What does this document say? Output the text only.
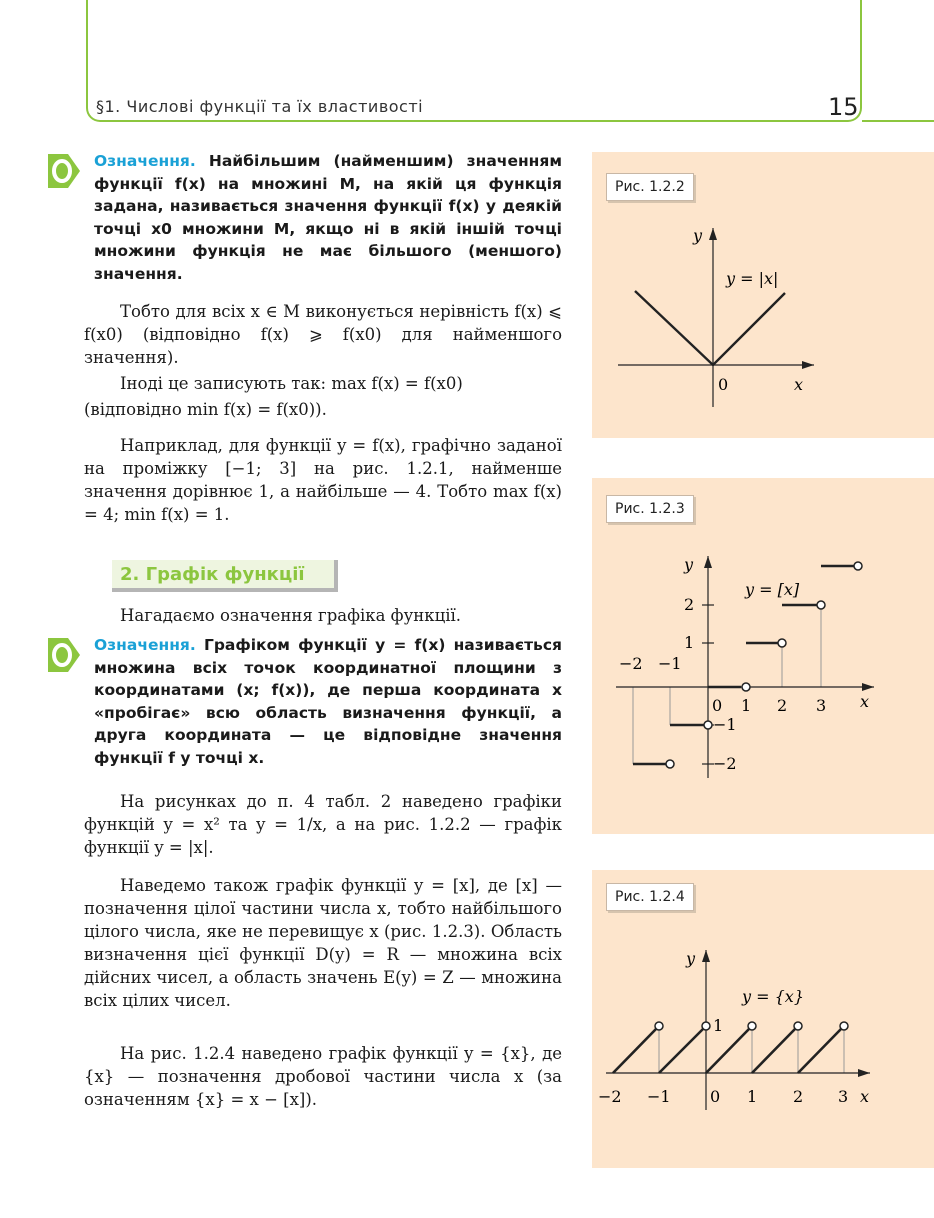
§1. Числові функції та їх властивості	15
Означення. Найбільшим (найменшим) значенням функції f(x) на множині M, на якій ця функція задана, називається значення функції f(x) у деякій точці x0 множини M, якщо ні в якій іншій точці множини функція не має більшого (меншого) значення.
Тобто для всіх x ∈ M виконується нерівність f(x) ⩽ f(x0) (відповідно f(x) ⩾ f(x0) для найменшого значення).
Іноді це записують так: max f(x) = f(x0)
(відповідно min f(x) = f(x0)).
Наприклад, для функції y = f(x), графічно заданої на проміжку [−1; 3] на рис. 1.2.1, найменше значення дорівнює 1, а найбільше — 4. Тобто max f(x) = 4; min f(x) = 1.
2. Графік функції
Нагадаємо означення графіка функції.
Означення. Графіком функції y = f(x) називається множина всіх точок координатної площини з координатами (x; f(x)), де перша координата x «пробігає» всю область визначення функції, а друга координата — це відповідне значення функції f у точці x.
На рисунках до п. 4 табл. 2 наведено графіки функцій y = x² та y = 1/x, а на рис. 1.2.2 — графік функції y = |x|.
Наведемо також графік функції y = [x], де [x] — позначення цілої частини числа x, тобто найбільшого цілого числа, яке не перевищує x (рис. 1.2.3). Область визначення цієї функції D(y) = R — множина всіх дійсних чисел, а область значень E(y) = Z — множина всіх цілих чисел.
На рис. 1.2.4 наведено графік функції y = {x}, де {x} — позначення дробової частини числа x (за означенням {x} = x − [x]).
Рис. 1.2.2
Рис. 1.2.3
Рис. 1.2.4
y
x
0
y = |x|
y
x
0
y = [x]
−2 −1
1 2 3
2
1
−1
−2
y
x
0
y = {x}
−2 −1	1 2 3
1
